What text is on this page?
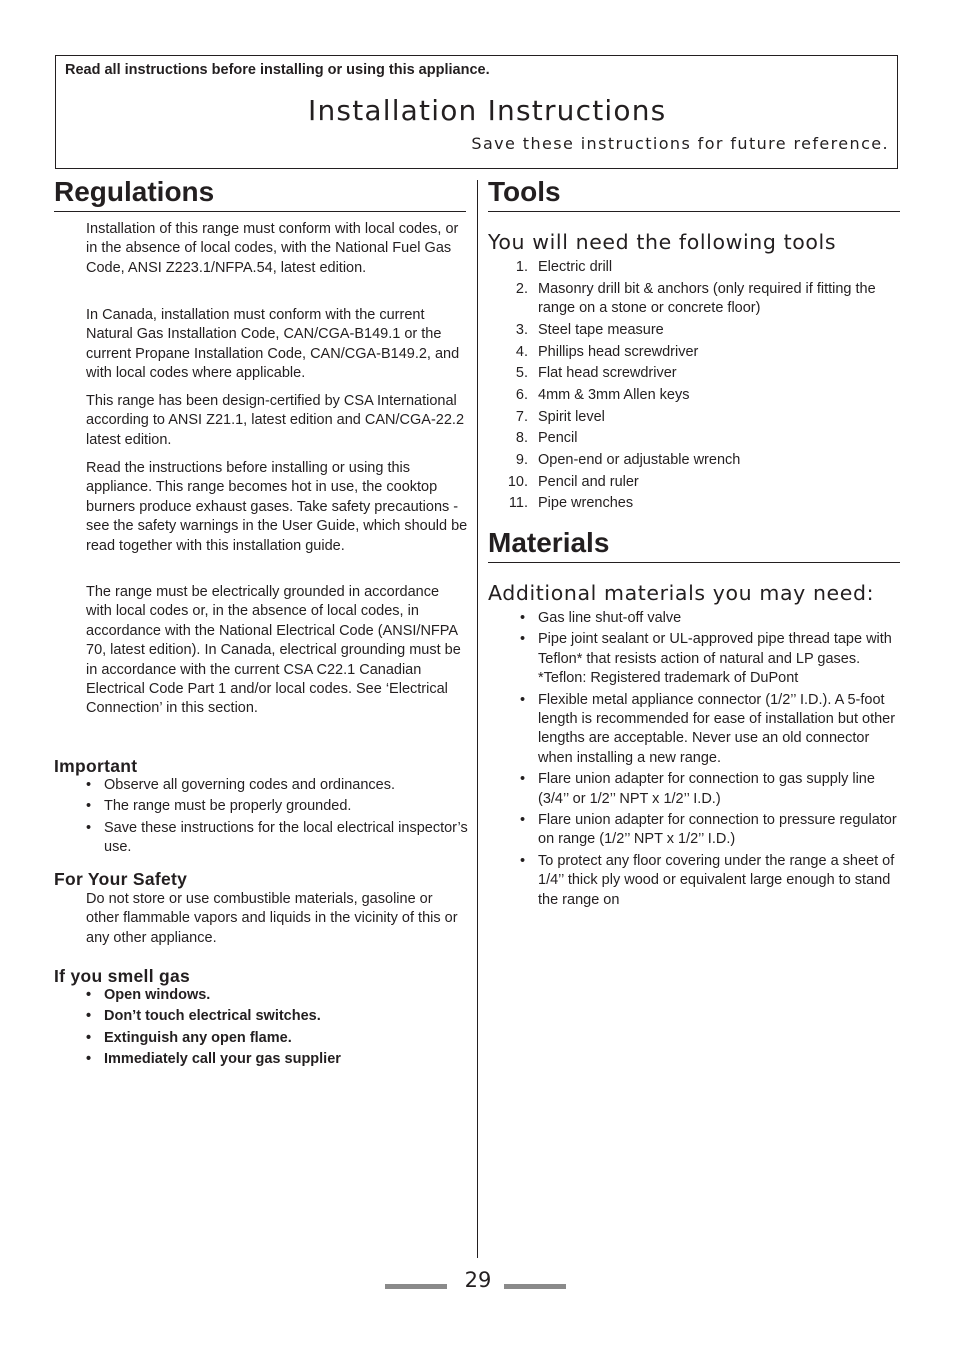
Read all instructions before installing or using this appliance.
Installation Instructions
Save these instructions for future reference.
Regulations

Installation of this range must conform with local codes, or in the absence of local codes, with the National Fuel Gas Code, ANSI Z223.1/NFPA.54, latest edition.

In Canada, installation must conform with the current Natural Gas Installation Code, CAN/CGA-B149.1 or the current Propane Installation Code, CAN/CGA-B149.2, and with local codes where applicable.

This range has been design-certified by CSA International according to ANSI Z21.1, latest edition and CAN/CGA-22.2 latest edition.

Read the instructions before installing or using this appliance. This range becomes hot in use, the cooktop burners produce exhaust gases. Take safety precautions - see the safety warnings in the User Guide, which should be read together with this installation guide.

The range must be electrically grounded in accordance with local codes or, in the absence of local codes, in accordance with the National Electrical Code (ANSI/NFPA 70, latest edition). In Canada, electrical grounding must be in accordance with the current CSA C22.1 Canadian Electrical Code Part 1 and/or local codes. See ‘Electrical Connection’ in this section.

Important
• Observe all governing codes and ordinances.
• The range must be properly grounded.
• Save these instructions for the local electrical inspector’s use.
For Your Safety

Do not store or use combustible materials, gasoline or other flammable vapors and liquids in the vicinity of this or any other appliance.

If you smell gas
• Open windows.
• Don’t touch electrical switches.
• Extinguish any open flame.
• Immediately call your gas supplier
Tools
You will need the following tools
1. Electric drill
2. Masonry drill bit & anchors (only required if fitting the range on a stone or concrete floor)
3. Steel tape measure
4. Phillips head screwdriver
5. Flat head screwdriver
6. 4mm & 3mm Allen keys
7. Spirit level
8. Pencil
9. Open-end or adjustable wrench
10. Pencil and ruler
11. Pipe wrenches
Materials
Additional materials you may need:
• Gas line shut-off valve
• Pipe joint sealant or UL-approved pipe thread tape with Teflon* that resists action of natural and LP gases. *Teflon: Registered trademark of DuPont
• Flexible metal appliance connector (1/2’’ I.D.). A 5-foot length is recommended for ease of installation but other lengths are acceptable. Never use an old connector when installing a new range.
• Flare union adapter for connection to gas supply line (3/4’’ or 1/2’’ NPT x 1/2’’ I.D.)
• Flare union adapter for connection to pressure regulator on range (1/2’’ NPT x 1/2’’ I.D.)
• To protect any floor covering under the range a sheet of 1/4’’ thick ply wood or equivalent large enough to stand the range on
29
